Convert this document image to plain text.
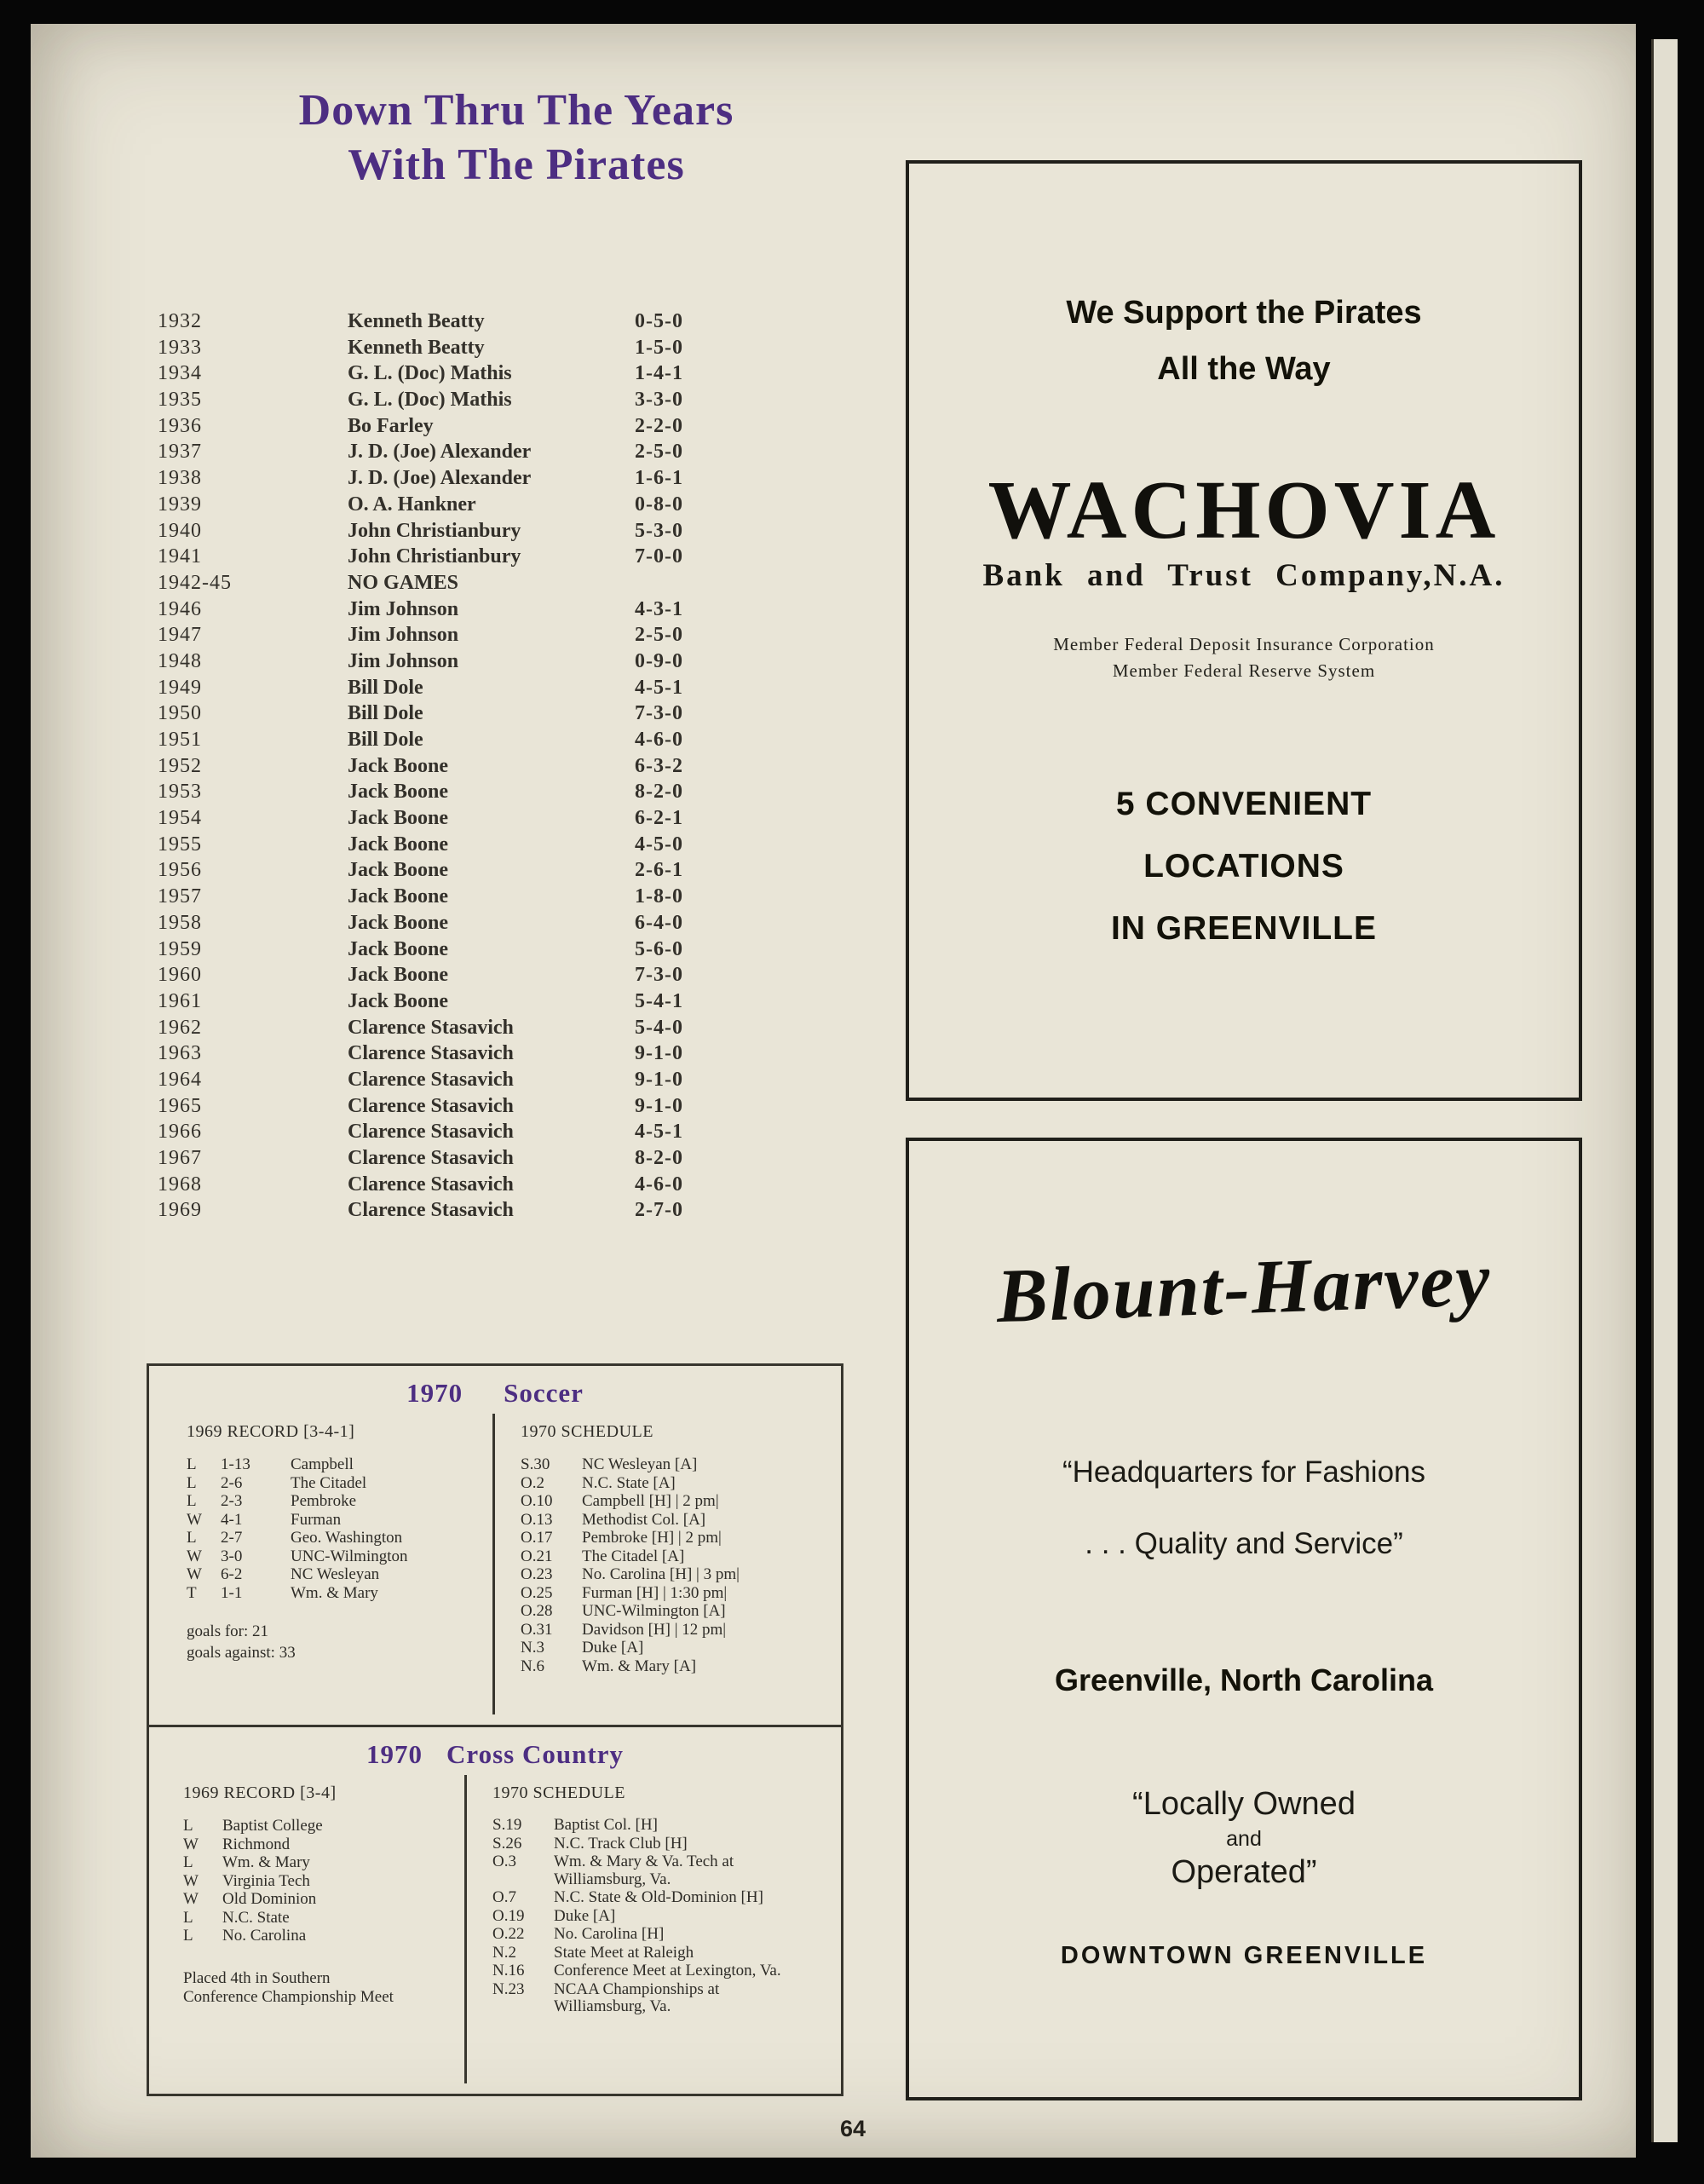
Down Thru The Years
With The Pirates
1932	Kenneth Beatty	0-5-0
1933	Kenneth Beatty	1-5-0
1934	G. L. (Doc) Mathis	1-4-1
1935	G. L. (Doc) Mathis	3-3-0
1936	Bo Farley	2-2-0
1937	J. D. (Joe) Alexander	2-5-0
1938	J. D. (Joe) Alexander	1-6-1
1939	O. A. Hankner	0-8-0
1940	John Christianbury	5-3-0
1941	John Christianbury	7-0-0
1942-45	NO GAMES
1946	Jim Johnson	4-3-1
1947	Jim Johnson	2-5-0
1948	Jim Johnson	0-9-0
1949	Bill Dole	4-5-1
1950	Bill Dole	7-3-0
1951	Bill Dole	4-6-0
1952	Jack Boone	6-3-2
1953	Jack Boone	8-2-0
1954	Jack Boone	6-2-1
1955	Jack Boone	4-5-0
1956	Jack Boone	2-6-1
1957	Jack Boone	1-8-0
1958	Jack Boone	6-4-0
1959	Jack Boone	5-6-0
1960	Jack Boone	7-3-0
1961	Jack Boone	5-4-1
1962	Clarence Stasavich	5-4-0
1963	Clarence Stasavich	9-1-0
1964	Clarence Stasavich	9-1-0
1965	Clarence Stasavich	9-1-0
1966	Clarence Stasavich	4-5-1
1967	Clarence Stasavich	8-2-0
1968	Clarence Stasavich	4-6-0
1969	Clarence Stasavich	2-7-0
1970 Soccer
1969 RECORD [3-4-1]
L	1-13	Campbell
L	2-6	The Citadel
L	2-3	Pembroke
W	4-1	Furman
L	2-7	Geo. Washington
W	3-0	UNC-Wilmington
W	6-2	NC Wesleyan
T	1-1	Wm. & Mary
goals for: 21
goals against: 33
1970 SCHEDULE
S.30	NC Wesleyan [A]
O.2	N.C. State [A]
O.10	Campbell [H] | 2 pm|
O.13	Methodist Col. [A]
O.17	Pembroke [H] | 2 pm|
O.21	The Citadel [A]
O.23	No. Carolina [H] | 3 pm|
O.25	Furman [H] | 1:30 pm|
O.28	UNC-Wilmington [A]
O.31	Davidson [H] | 12 pm|
N.3	Duke [A]
N.6	Wm. & Mary [A]
1970 Cross Country
1969 RECORD [3-4]
L	Baptist College
W	Richmond
L	Wm. & Mary
W	Virginia Tech
W	Old Dominion
L	N.C. State
L	No. Carolina
Placed 4th in Southern Conference Championship Meet
1970 SCHEDULE
S.19	Baptist Col. [H]
S.26	N.C. Track Club [H]
O.3	Wm. & Mary & Va. Tech at Williamsburg, Va.
O.7	N.C. State & Old-Dominion [H]
O.19	Duke [A]
O.22	No. Carolina [H]
N.2	State Meet at Raleigh
N.16	Conference Meet at Lexington, Va.
N.23	NCAA Championships at Williamsburg, Va.
We Support the Pirates
All the Way
WACHOVIA
Bank and Trust Company,N.A.
Member Federal Deposit Insurance Corporation
Member Federal Reserve System
5 CONVENIENT
LOCATIONS
IN GREENVILLE
Blount-Harvey
“Headquarters for Fashions
. . . Quality and Service”
Greenville, North Carolina
“Locally Owned
and
Operated”
DOWNTOWN GREENVILLE
64
